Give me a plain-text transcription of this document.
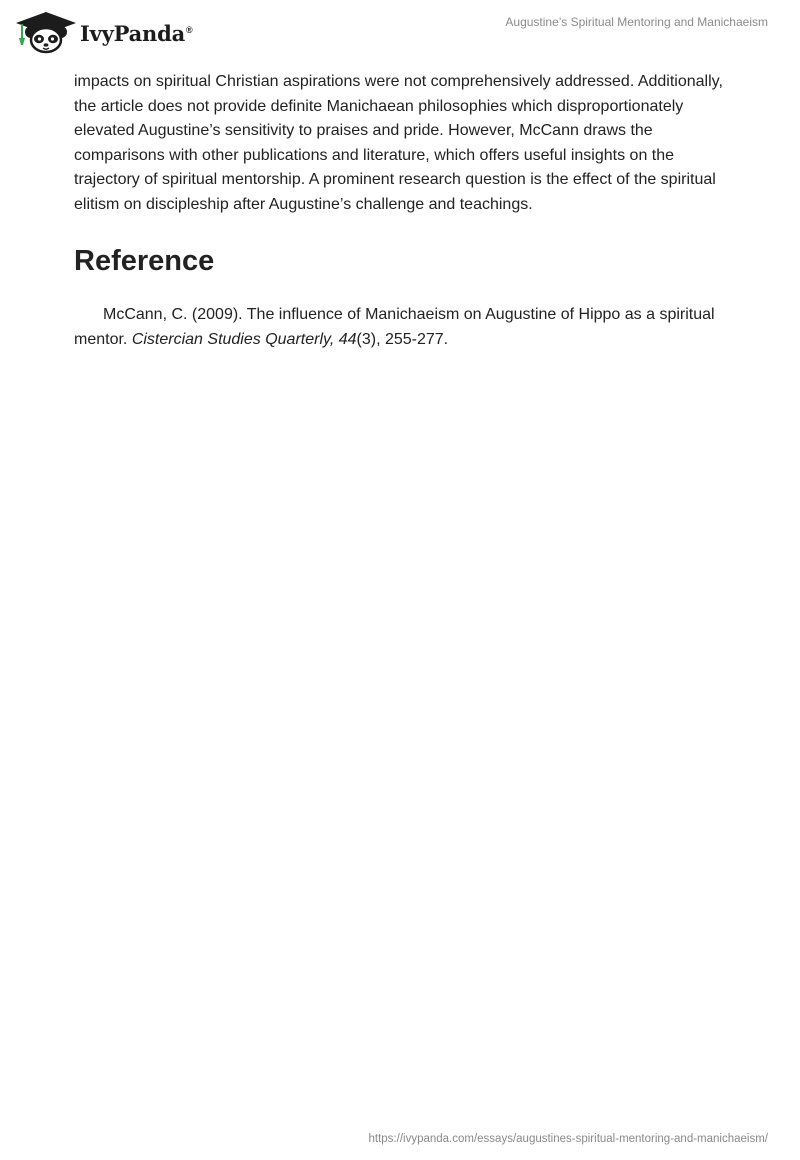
IvyPanda®
Augustine’s Spiritual Mentoring and Manichaeism

impacts on spiritual Christian aspirations were not comprehensively addressed. Additionally, the article does not provide definite Manichaean philosophies which disproportionately elevated Augustine’s sensitivity to praises and pride. However, McCann draws the comparisons with other publications and literature, which offers useful insights on the trajectory of spiritual mentorship. A prominent research question is the effect of the spiritual elitism on discipleship after Augustine’s challenge and teachings.

Reference

McCann, C. (2009). The influence of Manichaeism on Augustine of Hippo as a spiritual mentor. Cistercian Studies Quarterly, 44(3), 255-277.

https://ivypanda.com/essays/augustines-spiritual-mentoring-and-manichaeism/
